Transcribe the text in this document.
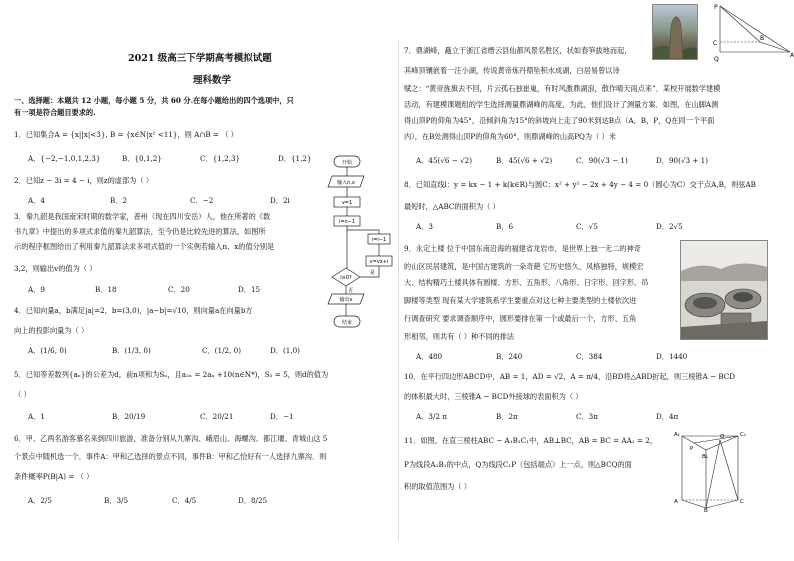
2021 级高三下学期高考模拟试题
理科数学
一、选择题：本题共 12 小题，每小题 5 分，共 60 分.在每小题给出的四个选项中，只
有一项是符合题目要求的.
1．已知集合A = {x||x|<3}, B = {x∈N|x² <11}，则 A∩B = （ ）
A．{−2,−1,0,1,2,3}	B．{0,1,2}	C．{1,2,3}	D．{1,2}
2．已知z − 3i = 4 − i，则z的虚部为（ ）
A．4	B．2	C．−2	D．2i
3．秦九韶是我国南宋时期的数学家，普州（现在四川安岳）人，他在所著的《数
书九章》中提出的多项式求值的秦九韶算法，至今仍是比较先进的算法，如图所
示的程序框图给出了利用秦九韶算法求多项式值的一个实例若输入n、x的值分别是
3,2，则输出v的值为（ ）
A．9	B．18	C．20	D．15
4．已知向量a，b满足|a|=2，b=(3,0)，|a−b|=√10，则向量a在向量b方
向上的投影向量为（ ）
A．(1/6, 0)	B．(1/3, 0)	C．(1/2, 0)	D．(1,0)
5．已知等差数列{aₙ}的公差为d，前n项和为Sₙ，且a₂ₙ = 2aₙ +10(n∈N*)，S₃ = 5，则d的值为
（ ）
A．1	B．20/19	C．20/21	D．−1
6．甲、乙两名游客慕名来到四川旅游，准备分别从九寨沟、峨眉山、海螺沟、都江堰、青城山这 5
个景点中随机选一个．事件A：甲和乙选择的景点不同，事件B：甲和乙恰好有一人选择九寨沟．则
条件概率P(B|A) = （ ）
A．2/5	B．3/5	C．4/5	D．8/25
开始
输入n,x
v=1
i=n−1
i≥0?
i=i−1
v=vx+i
是
否
输出v
结束
7．鼎湖峰，矗立于浙江省缙云县仙都风景名胜区，状如春笋拔地而起，
其峰顶镶嵌着一汪小湖，传说黄帝炼丹鼎坠积水成湖，白居易曾以诗
赋之：“黄帝旌旗去不回，片云孤石独崔嵬，有时风激鼎湖浪，散作晴天雨点来”．某校开展数学建模
活动，有建模课题组的学生选择测量鼎湖峰的高度，为此，他们设计了测量方案．如图，在山脚A测
得山顶P的仰角为45°，沿倾斜角为15°的斜坡向上走了90米到达B点（A，B，P，Q在同一个平面
内），在B处测得山顶P的仰角为60°，则鼎湖峰的山高PQ为（ ）米
A．45(√6 − √2)	B．45(√6 + √2)	C．90(√3 − 1)	D．90(√3 + 1)
P
A
B
C
Q
8．已知直线l：y = kx − 1 + k(k∈R)与圆C：x² + y² − 2x + 4y − 4 = 0（圆心为C）交于点A,B，则弦AB
最短时，△ABC的面积为（ ）
A．3	B．6	C．√5	D．2√5
9．永定土楼 位于中国东南沿海的福建省龙岩市，是世界上独一无二的神奇
的山区民居建筑，是中国古建筑的一朵奇葩 它历史悠久、风格独特，规模宏
大、结构精巧土楼具体有圆楼、方形、五角形、八角形、日字形、回字形、吊
脚楼等类型 现有某大学建筑系学生要重点对这七种主要类型的土楼依次进
行调查研究 要求调查顺序中，圆形要排在第一个或最后一个，方形、五角
形相邻，则共有（ ）种不同的排法
A．480	B．240	C．384	D．1440
10．在平行四边形ABCD中，AB = 1，AD = √2，A = π/4，沿BD将△ABD折起，则三棱锥A − BCD
的体积最大时，三棱锥A − BCD外接球的表面积为（ ）
A．3/2 π	B．2π	C．3π	D．4π
11．如图，在直三棱柱ABC − A₁B₁C₁中，AB⊥BC，AB = BC = AA₁ = 2，
P为线段A₁B₁的中点，Q为线段C₁P（包括端点）上一点，则△BCQ的面
积的取值范围为（ ）
A₁
B₁
C₁
P
Q
A
B
C
